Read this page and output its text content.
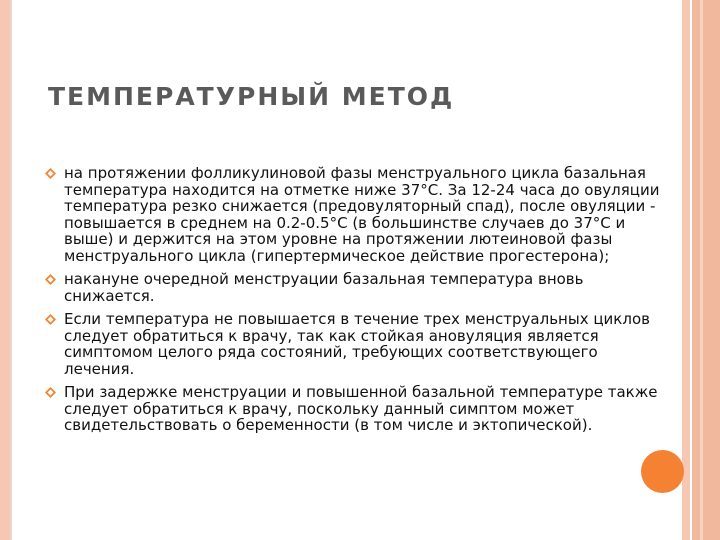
ТЕМПЕРАТУРНЫЙ МЕТОД
на протяжении фолликулиновой фазы менструального цикла базальная температура находится на отметке ниже 37°С. За 12-24 часа до овуляции температура резко снижается (предовуляторный спад), после овуляции - повышается в среднем на 0.2-0.5°С (в большинстве случаев до 37°С и выше) и держится на этом уровне на протяжении лютеиновой фазы менструального цикла (гипертермическое действие прогестерона);
накануне очередной менструации базальная температура вновь снижается.
Если температура не повышается в течение трех менструальных циклов следует обратиться к врачу, так как стойкая ановуляция является симптомом целого ряда состояний, требующих соответствующего лечения.
При задержке менструации и повышенной базальной температуре также следует обратиться к врачу, поскольку данный симптом может свидетельствовать о беременности (в том числе и эктопической).
